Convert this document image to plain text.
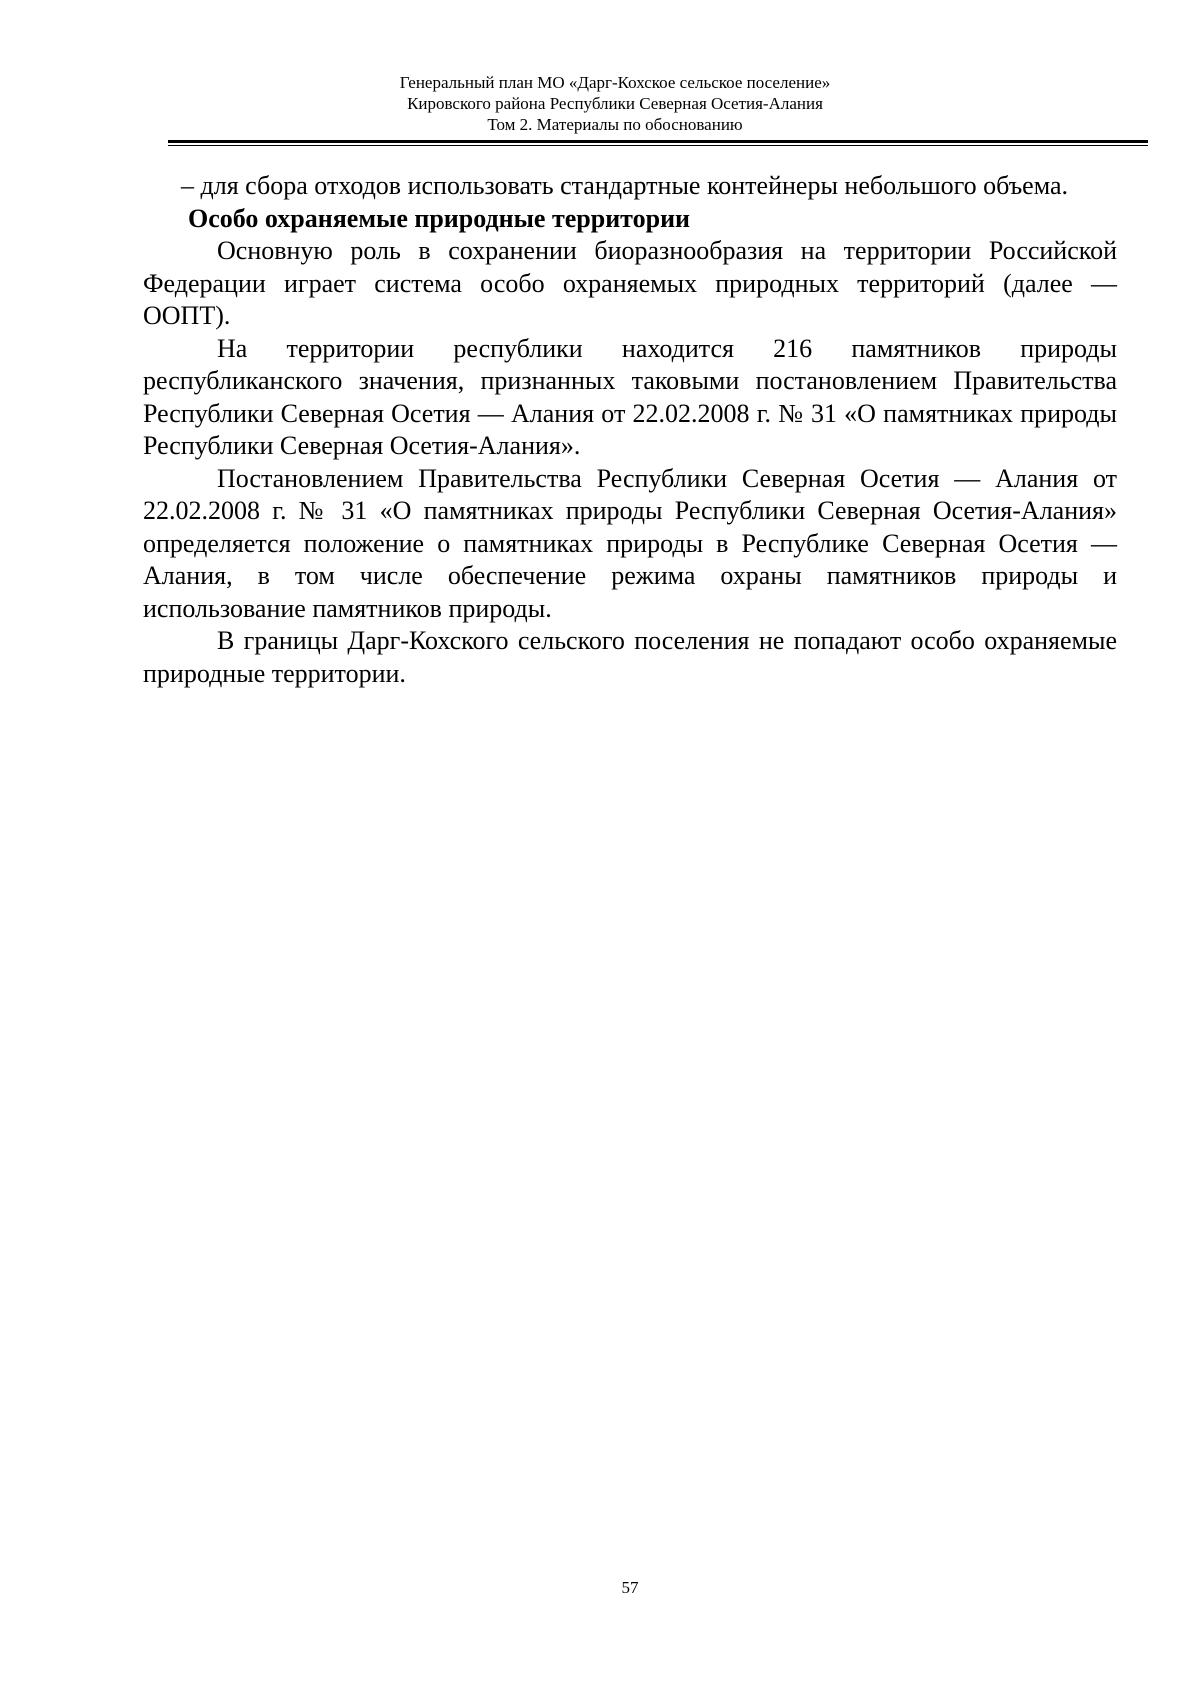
Генеральный план МО «Дарг-Кохское сельское поселение»
Кировского района Республики Северная Осетия-Алания
Том 2. Материалы по обоснованию

– для сбора отходов использовать стандартные контейнеры небольшого объема.

Особо охраняемые природные территории

Основную роль в сохранении биоразнообразия на территории Российской Федерации играет система особо охраняемых природных территорий (далее — ООПТ).

На территории республики находится 216 памятников природы республиканского значения, признанных таковыми постановлением Правительства Республики Северная Осетия — Алания от 22.02.2008 г. № 31 «О памятниках природы Республики Северная Осетия-Алания».

Постановлением Правительства Республики Северная Осетия — Алания от 22.02.2008 г. № 31 «О памятниках природы Республики Северная Осетия-Алания» определяется положение о памятниках природы в Республике Северная Осетия — Алания, в том числе обеспечение режима охраны памятников природы и использование памятников природы.

В границы Дарг-Кохского сельского поселения не попадают особо охраняемые природные территории.

57
